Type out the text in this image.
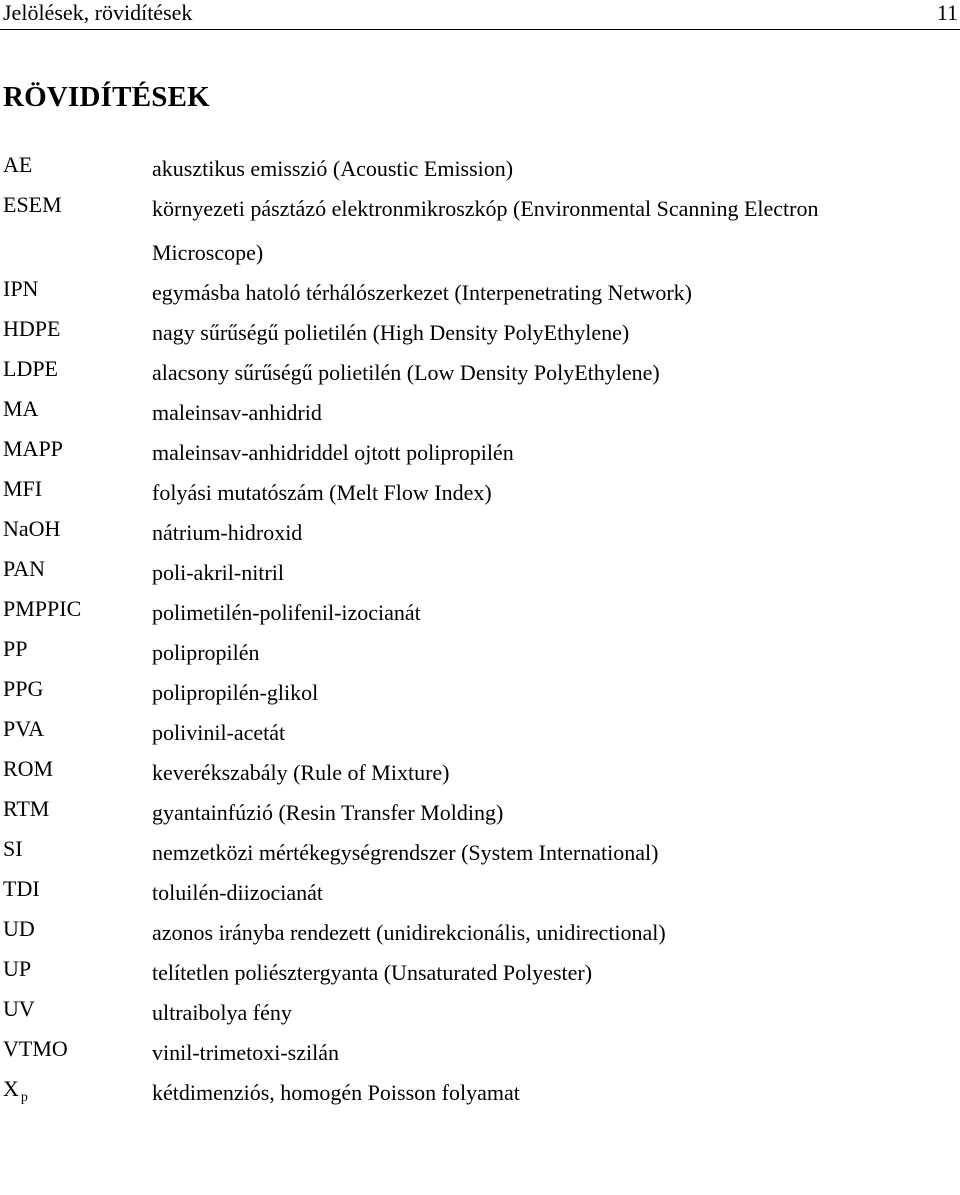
Jelölések, rövidítések	11
RÖVIDÍTÉSEK
AE	akusztikus emisszió (Acoustic Emission)
ESEM	környezeti pásztázó elektronmikroszkóp (Environmental Scanning Electron
Microscope)
IPN	egymásba hatoló térhálószerkezet (Interpenetrating Network)
HDPE	nagy sűrűségű polietilén (High Density PolyEthylene)
LDPE	alacsony sűrűségű polietilén (Low Density PolyEthylene)
MA	maleinsav-anhidrid
MAPP	maleinsav-anhidriddel ojtott polipropilén
MFI	folyási mutatószám (Melt Flow Index)
NaOH	nátrium-hidroxid
PAN	poli-akril-nitril
PMPPIC	polimetilén-polifenil-izocianát
PP	polipropilén
PPG	polipropilén-glikol
PVA	polivinil-acetát
ROM	keverékszabály (Rule of Mixture)
RTM	gyantainfúzió (Resin Transfer Molding)
SI	nemzetközi mértékegységrendszer (System International)
TDI	toluilén-diizocianát
UD	azonos irányba rendezett (unidirekcionális, unidirectional)
UP	telítetlen poliésztergyanta (Unsaturated Polyester)
UV	ultraibolya fény
VTMO	vinil-trimetoxi-szilán
X $_p$	kétdimenziós, homogén Poisson folyamat
